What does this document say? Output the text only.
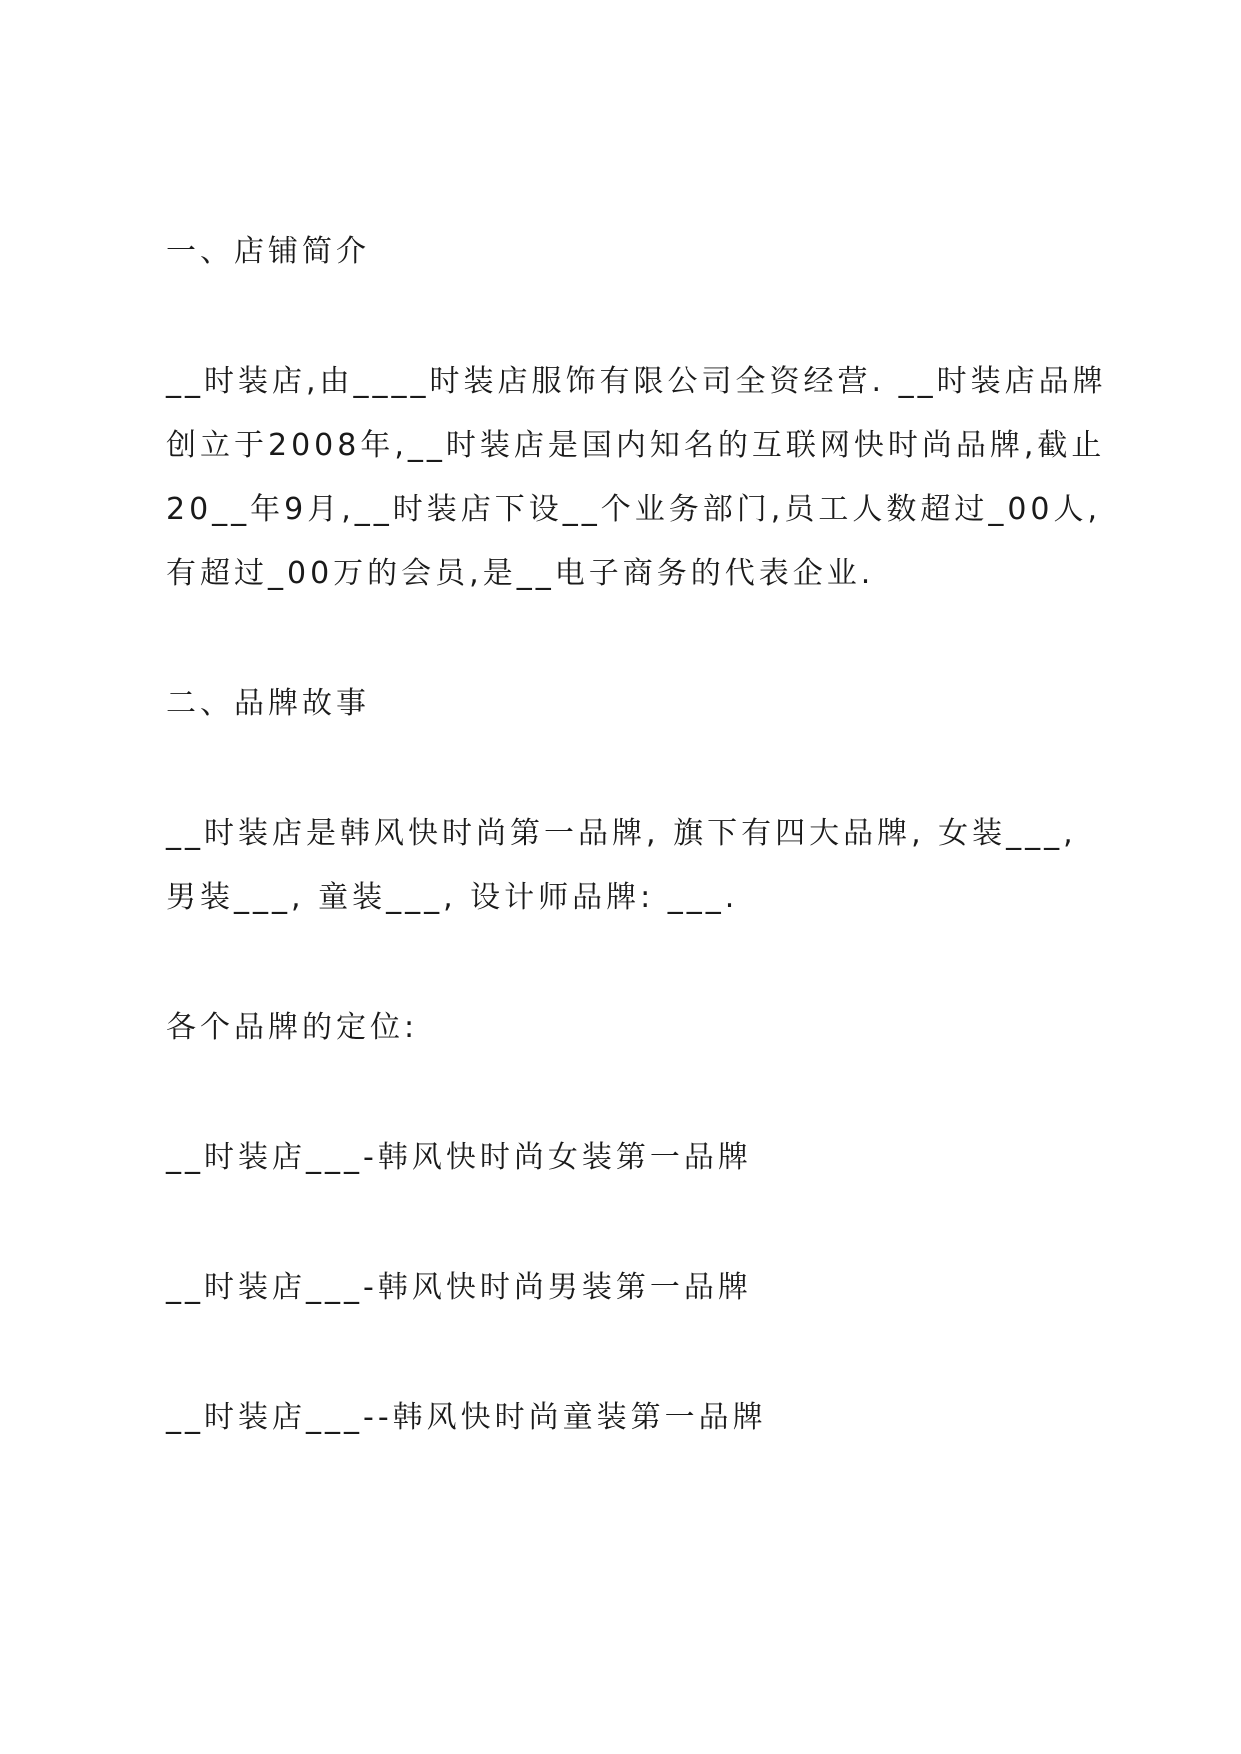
一、店铺简介
__时装店,由____时装店服饰有限公司全资经营. __时装店品牌
创立于2008年,__时装店是国内知名的互联网快时尚品牌,截止
20__年9月,__时装店下设__个业务部门,员工人数超过_00人,
有超过_00万的会员,是__电子商务的代表企业.
二、品牌故事
__时装店是韩风快时尚第一品牌, 旗下有四大品牌, 女装___,
男装___, 童装___, 设计师品牌: ___.
各个品牌的定位:
__时装店___-韩风快时尚女装第一品牌
__时装店___-韩风快时尚男装第一品牌
__时装店___--韩风快时尚童装第一品牌
